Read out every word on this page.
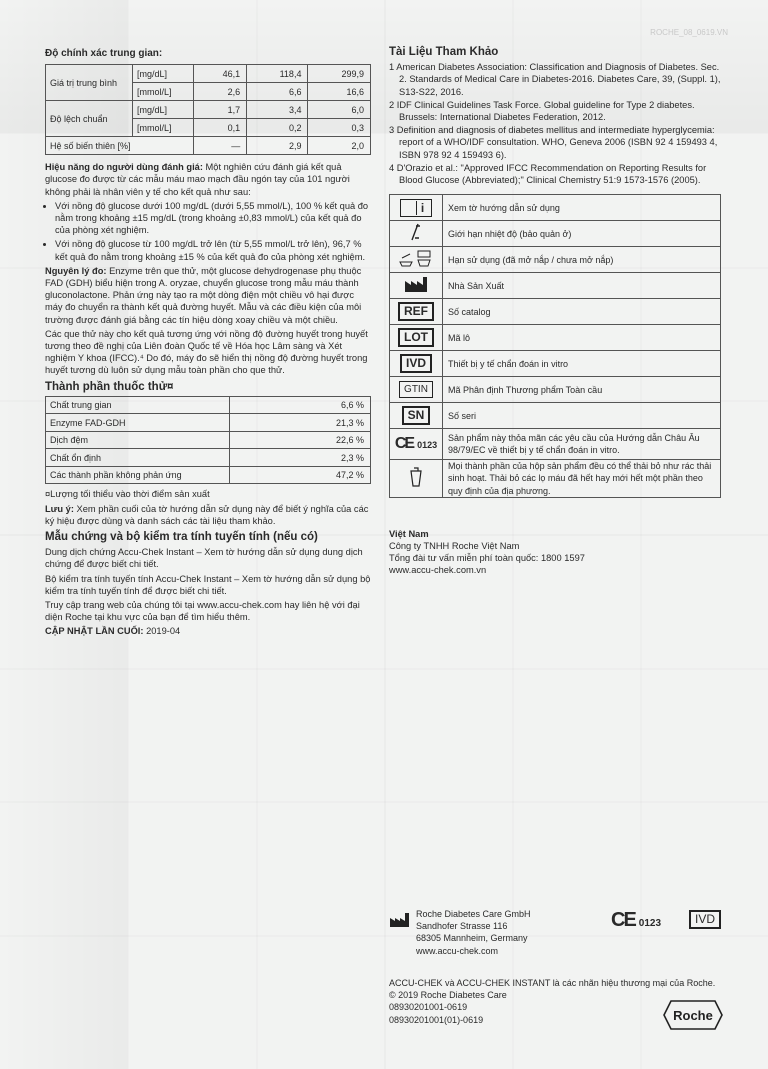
ROCHE_08_0619.VN
Độ chính xác trung gian:
Giá trị trung bình	[mg/dL]	46,1	118,4	299,9
	[mmol/L]	2,6	6,6	16,6
Độ lệch chuẩn	[mg/dL]	1,7	3,4	6,0
	[mmol/L]	0,1	0,2	0,3
Hệ số biến thiên [%]		—	2,9	2,0

Hiệu năng do người dùng đánh giá: Một nghiên cứu đánh giá kết quả glucose đo được từ các mẫu máu mao mạch đầu ngón tay của 101 người không phải là nhân viên y tế cho kết quả như sau:

• Với nồng độ glucose dưới 100 mg/dL (dưới 5,55 mmol/L), 100 % kết quả đo nằm trong khoảng ±15 mg/dL (trong khoảng ±0,83 mmol/L) của kết quả đo của phòng xét nghiệm.
• Với nồng độ glucose từ 100 mg/dL trở lên (từ 5,55 mmol/L trở lên), 96,7 % kết quả đo nằm trong khoảng ±15 % của kết quả đo của phòng xét nghiệm.

Nguyên lý đo: Enzyme trên que thử, một glucose dehydrogenase phụ thuộc FAD (GDH) biểu hiện trong A. oryzae, chuyển glucose trong mẫu máu thành gluconolactone. Phản ứng này tạo ra một dòng điện một chiều vô hại được máy đo chuyển ra thành kết quả đường huyết. Mẫu và các điều kiện của môi trường được đánh giá bằng các tín hiệu dòng xoay chiều và một chiều.

Các que thử này cho kết quả tương ứng với nồng độ đường huyết trong huyết tương theo đề nghị của Liên đoàn Quốc tế về Hóa học Lâm sàng và Xét nghiệm Y khoa (IFCC).⁴ Do đó, máy đo sẽ hiển thị nồng độ đường huyết trong huyết tương dù luôn sử dụng mẫu toàn phần cho que thử.

Thành phần thuốc thử¤
Chất trung gian	6,6 %
Enzyme FAD-GDH	21,3 %
Dịch đệm	22,6 %
Chất ổn định	2,3 %
Các thành phần không phản ứng	47,2 %

¤Lượng tối thiểu vào thời điểm sản xuất

Lưu ý: Xem phần cuối của tờ hướng dẫn sử dụng này để biết ý nghĩa của các ký hiệu được dùng và danh sách các tài liệu tham khảo.

Mẫu chứng và bộ kiểm tra tính tuyến tính (nếu có)

Dung dịch chứng Accu-Chek Instant – Xem tờ hướng dẫn sử dụng dung dịch chứng để được biết chi tiết.

Bộ kiểm tra tính tuyến tính Accu-Chek Instant – Xem tờ hướng dẫn sử dụng bộ kiểm tra tính tuyến tính để được biết chi tiết.

Truy cập trang web của chúng tôi tại www.accu-chek.com hay liên hệ với đại diện Roche tại khu vực của bạn để tìm hiểu thêm.

CẬP NHẬT LẦN CUỐI: 2019-04

Tài Liệu Tham Khảo

1 American Diabetes Association: Classification and Diagnosis of Diabetes. Sec. 2. Standards of Medical Care in Diabetes-2016. Diabetes Care, 39, (Suppl. 1), S13-S22, 2016.

2 IDF Clinical Guidelines Task Force. Global guideline for Type 2 diabetes. Brussels: International Diabetes Federation, 2012.

3 Definition and diagnosis of diabetes mellitus and intermediate hyperglycemia: report of a WHO/IDF consultation. WHO, Geneva 2006 (ISBN 92 4 159493 4, ISBN 978 92 4 159493 6).

4 D'Orazio et al.: "Approved IFCC Recommendation on Reporting Results for Blood Glucose (Abbreviated);" Clinical Chemistry 51:9 1573-1576 (2005).

i	Xem tờ hướng dẫn sử dụng
	Giới hạn nhiệt độ (bảo quản ở)
	Hạn sử dụng (đã mở nắp / chưa mở nắp)
	Nhà Sản Xuất
REF	Số catalog
LOT	Mã lô
IVD	Thiết bị y tế chẩn đoán in vitro
GTIN	Mã Phân định Thương phẩm Toàn cầu
SN	Số seri
CE 0123	Sản phẩm này thỏa mãn các yêu cầu của Hướng dẫn Châu Âu 98/79/EC về thiết bị y tế chẩn đoán in vitro.
	Mọi thành phần của hộp sản phẩm đều có thể thải bỏ như rác thải sinh hoạt. Thải bỏ các lọ máu đã hết hay mới hết một phần theo quy định của địa phương.
Việt Nam
Công ty TNHH Roche Việt Nam
Tổng đài tư vấn miễn phí toàn quốc: 1800 1597
www.accu-chek.com.vn
Roche Diabetes Care GmbH
Sandhofer Strasse 116
68305 Mannheim, Germany
www.accu-chek.com
CE 0123	IVD
ACCU-CHEK và ACCU-CHEK INSTANT là các nhãn hiệu thương mại của Roche.
© 2019 Roche Diabetes Care
08930201001-0619
08930201001(01)-0619	Roche
